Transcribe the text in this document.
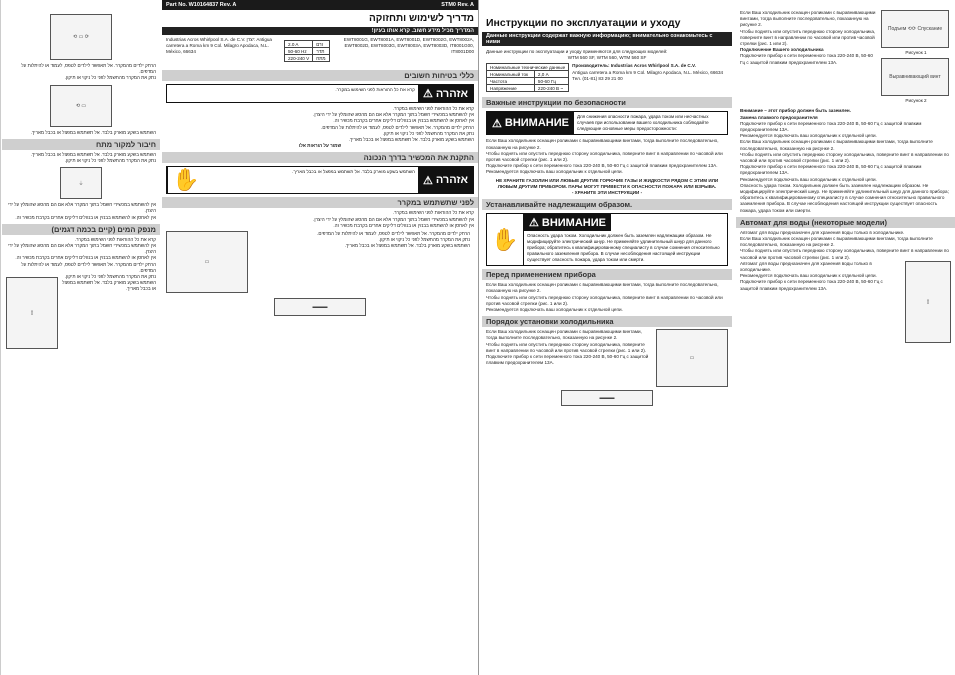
⟲ ▭ ⟳
הרחק ילדים מהמקרר. אל תאפשר לילדים לטפס, לעמוד או להיתלות על המדפים.
נתק את המקרר מהחשמל לפני כל ניקוי או תיקון.
⟲ ▭
השתמש בשקע מוארק בלבד. אל תשתמש במפצל או בכבל מאריך.
חיבור למקור מתח
השתמש בשקע מוארק בלבד. אל תשתמש במפצל או בכבל מאריך.
נתק את המקרר מהחשמל לפני כל ניקוי או תיקון.
⏚
אין להשתמש במכשירי חשמל בתוך המקרר אלא אם הם מהסוג שהומלץ על ידי היצרן.
אין לאחסן או להשתמש בבנזין או בנוזלים דליקים אחרים בקרבת מכשיר זה.
מנפק המים (קיים בכמה דגמים)
קרא את כל ההוראות לפני השימוש במקרר.
אין להשתמש במכשירי חשמל בתוך המקרר אלא אם הם מהסוג שהומלץ על ידי היצרן.
אין לאחסן או להשתמש בבנזין או בנוזלים דליקים אחרים בקרבת מכשיר זה.
הרחק ילדים מהמקרר. אל תאפשר לילדים לטפס, לעמוד או להיתלות על המדפים.
▯
נתק את המקרר מהחשמל לפני כל ניקוי או תיקון.
השתמש בשקע מוארק בלבד. אל תשתמש במפצל או בכבל מאריך.
Part No. W10164837 Rev. A	STM0 Rev. A
מדריך לשימוש ותחזוקה
המדריך מכיל מידע חשוב. קרא אותו בעיון!
Industrias Acros Whirlpool S.A. de C.V. יצרן: Antigua carretera a Roma km 9 Col. Milagro Apodaca, N.L. México, 66634
2.0 A	זרם
50-60 Hz	תדר
220-240 V	מתח
EWT8001G, EWT8001A, EWT8001D, EWT8002G, EWT8002A, EWT8002D, EWT8003G, EWT8003A, EWT8003D, IT8001G00, IT8001D00
כללי בטיחות חשובים
⚠ אזהרה
קרא את כל ההוראות לפני השימוש במקרר.
קרא את כל ההוראות לפני השימוש במקרר.
אין להשתמש במכשירי חשמל בתוך המקרר אלא אם הם מהסוג שהומלץ על ידי היצרן.
אין לאחסן או להשתמש בבנזין או בנוזלים דליקים אחרים בקרבת מכשיר זה.
הרחק ילדים מהמקרר. אל תאפשר לילדים לטפס, לעמוד או להיתלות על המדפים.
נתק את המקרר מהחשמל לפני כל ניקוי או תיקון.
השתמש בשקע מוארק בלבד. אל תשתמש במפצל או בכבל מאריך.
שמור על הוראות אלו
התקנת את המכשיר בדרך הנכונה
⚠ אזהרה
השתמש בשקע מוארק בלבד. אל תשתמש במפצל או בכבל מאריך.
✋
לפני שתשתמש במקרר
קרא את כל ההוראות לפני השימוש במקרר.
אין להשתמש במכשירי חשמל בתוך המקרר אלא אם הם מהסוג שהומלץ על ידי היצרן.
אין לאחסן או להשתמש בבנזין או בנוזלים דליקים אחרים בקרבת מכשיר זה.
▭
הרחק ילדים מהמקרר. אל תאפשר לילדים לטפס, לעמוד או להיתלות על המדפים.
נתק את המקרר מהחשמל לפני כל ניקוי או תיקון.
השתמש בשקע מוארק בלבד. אל תשתמש במפצל או בכבל מאריך.
▬▬▬
Инструкции по эксплуатации и уходу
Данные инструкции содержат важную информацию; внимательно ознакомьтесь с ними
Данные инструкции по эксплуатации и уходу применяются для следующих моделей:
WTM 560 SF, WTM 560, WTM 560 SF
Номинальные технические данные	
Номинальный ток	2,0 А
Частота	50-60 Гц
Напряжение	220-240 В ~
Производитель: Industrias Acros Whirlpool S.A. de C.V.
Antigua carretera a Roma km 9 Col. Milagro Apodaca, N.L. México, 66634 Тел. (01-81) 83 29 21 00
Важные инструкции по безопасности
⚠ ВНИМАНИЕ
Для снижения опасности пожара, удара током или несчастных случаев при использовании вашего холодильника соблюдайте следующие основные меры предосторожности:
Если Ваш холодильник оснащен роликами с выравнивающими винтами, тогда выполните последовательно, показанную на рисунке 2.
Чтобы поднять или опустить переднюю сторону холодильника, поверните винт в направлении по часовой или против часовой стрелки (рис. 1 или 2).
Подключите прибор к сети переменного тока 220-240 В, 50-60 Гц с защитой плавким предохранителем 13А.
Рекомендуется подключать ваш холодильник к отдельной цепи.
НЕ ХРАНИТЕ ГАЗОЛИН ИЛИ ЛЮБЫЕ ДРУГИЕ ГОРЮЧИЕ ГАЗЫ И ЖИДКОСТИ РЯДОМ С ЭТИМ ИЛИ ЛЮБЫМ ДРУГИМ ПРИБОРОМ. ПАРЫ МОГУТ ПРИВЕСТИ К ОПАСНОСТИ ПОЖАРА ИЛИ ВЗРЫВА.
- ХРАНИТЕ ЭТИ ИНСТРУКЦИИ -
Устанавливайте надлежащим образом.
✋
⚠ ВНИМАНИЕ
Опасность удара током. Холодильник должен быть заземлен надлежащим образом. Не модифицируйте электрический шнур. Не применяйте удлинительный шнур для данного прибора; обратитесь к квалифицированному специалисту в случае сомнения относительно правильного заземления прибора. В случае несоблюдения настоящей инструкции существует опасность пожара, удара током или смерти.
Перед применением прибора
Если Ваш холодильник оснащен роликами с выравнивающими винтами, тогда выполните последовательно, показанную на рисунке 2.
Чтобы поднять или опустить переднюю сторону холодильника, поверните винт в направлении по часовой или против часовой стрелки (рис. 1 или 2).
Рекомендуется подключать ваш холодильник к отдельной цепи.
Порядок установки холодильника
Если Ваш холодильник оснащен роликами с выравнивающими винтами, тогда выполните последовательно, показанную на рисунке 2.
Чтобы поднять или опустить переднюю сторону холодильника, поверните винт в направлении по часовой или против часовой стрелки (рис. 1 или 2).
Подключите прибор к сети переменного тока 220-240 В, 50-60 Гц с защитой плавким предохранителем 13А.
▭
▬▬▬
Если Ваш холодильник оснащен роликами с выравнивающими винтами, тогда выполните последовательно, показанную на рисунке 2.
Чтобы поднять или опустить переднюю сторону холодильника, поверните винт в направлении по часовой или против часовой стрелки (рис. 1 или 2).
Подключение Вашего холодильника
Подключите прибор к сети переменного тока 220-240 В, 50-60 Гц с защитой плавким предохранителем 13А.
Подъем ⟲⟳ Спускание
Рисунок 1
Выравнивающий винт
Рисунок 2
Внимание – этот прибор должен быть заземлен.
Замена плавкого предохранителя
Подключите прибор к сети переменного тока 220-240 В, 50-60 Гц с защитой плавким предохранителем 13А.
Рекомендуется подключать ваш холодильник к отдельной цепи.
Если Ваш холодильник оснащен роликами с выравнивающими винтами, тогда выполните последовательно, показанную на рисунке 2.
Чтобы поднять или опустить переднюю сторону холодильника, поверните винт в направлении по часовой или против часовой стрелки (рис. 1 или 2).
Подключите прибор к сети переменного тока 220-240 В, 50-60 Гц с защитой плавким предохранителем 13А.
Рекомендуется подключать ваш холодильник к отдельной цепи.
Опасность удара током. Холодильник должен быть заземлен надлежащим образом. Не модифицируйте электрический шнур. Не применяйте удлинительный шнур для данного прибора; обратитесь к квалифицированному специалисту в случае сомнения относительно правильного заземления прибора. В случае несоблюдения настоящей инструкции существует опасность пожара, удара током или смерти.
Автомат для воды (некоторые модели)
Автомат для воды предназначен для хранения воды только в холодильнике.
Если Ваш холодильник оснащен роликами с выравнивающими винтами, тогда выполните последовательно, показанную на рисунке 2.
Чтобы поднять или опустить переднюю сторону холодильника, поверните винт в направлении по часовой или против часовой стрелки (рис. 1 или 2).
Автомат для воды предназначен для хранения воды только в холодильнике.
Рекомендуется подключать ваш холодильник к отдельной цепи.
Подключите прибор к сети переменного тока 220-240 В, 50-60 Гц с защитой плавким предохранителем 13А.
▯
